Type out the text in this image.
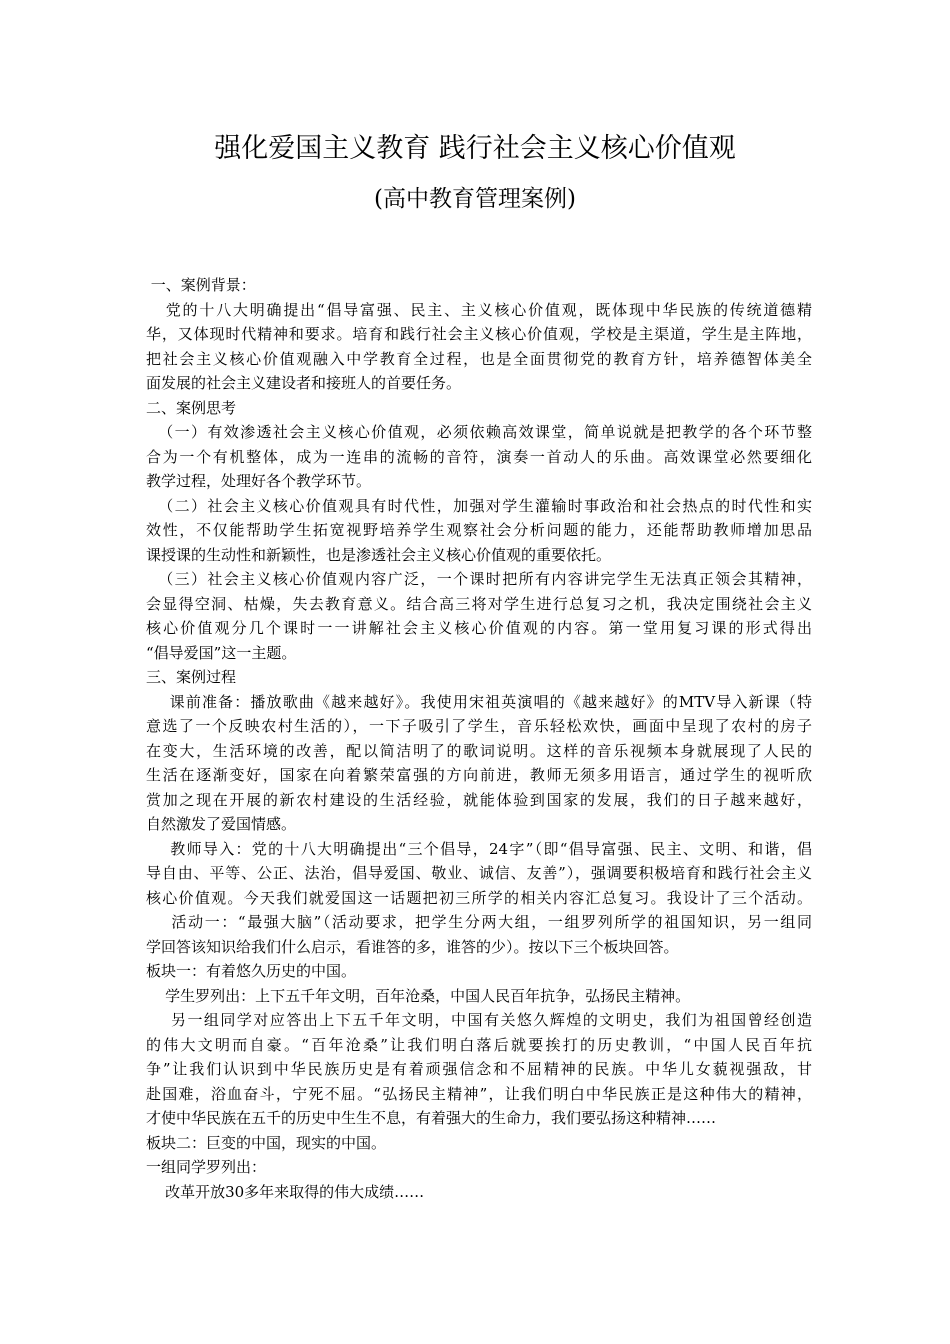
强化爱国主义教育 践行社会主义核心价值观
(高中教育管理案例)
一、案例背景：
党的十八大明确提出“倡导富强、民主、主义核心价值观，既体现中华民族的传统道德精
华，又体现时代精神和要求。培育和践行社会主义核心价值观，学校是主渠道，学生是主阵地，
把社会主义核心价值观融入中学教育全过程，也是全面贯彻党的教育方针，培养德智体美全
面发展的社会主义建设者和接班人的首要任务。
二、案例思考
（一）有效渗透社会主义核心价值观，必须依赖高效课堂，简单说就是把教学的各个环节整
合为一个有机整体，成为一连串的流畅的音符，演奏一首动人的乐曲。高效课堂必然要细化
教学过程，处理好各个教学环节。
（二）社会主义核心价值观具有时代性，加强对学生灌输时事政治和社会热点的时代性和实
效性，不仅能帮助学生拓宽视野培养学生观察社会分析问题的能力，还能帮助教师增加思品
课授课的生动性和新颖性，也是渗透社会主义核心价值观的重要依托。
（三）社会主义核心价值观内容广泛，一个课时把所有内容讲完学生无法真正领会其精神，
会显得空洞、枯燥，失去教育意义。结合高三将对学生进行总复习之机，我决定围绕社会主义
核心价值观分几个课时一一讲解社会主义核心价值观的内容。第一堂用复习课的形式得出
“倡导爱国”这一主题。
三、案例过程
课前准备：播放歌曲《越来越好》。我使用宋祖英演唱的《越来越好》的MTV导入新课（特
意选了一个反映农村生活的），一下子吸引了学生，音乐轻松欢快，画面中呈现了农村的房子
在变大，生活环境的改善，配以简洁明了的歌词说明。这样的音乐视频本身就展现了人民的
生活在逐渐变好，国家在向着繁荣富强的方向前进，教师无须多用语言，通过学生的视听欣
赏加之现在开展的新农村建设的生活经验，就能体验到国家的发展，我们的日子越来越好，
自然激发了爱国情感。
教师导入：党的十八大明确提出“三个倡导，24字”（即“倡导富强、民主、文明、和谐，倡
导自由、平等、公正、法治，倡导爱国、敬业、诚信、友善”），强调要积极培育和践行社会主义
核心价值观。今天我们就爱国这一话题把初三所学的相关内容汇总复习。我设计了三个活动。
活动一：“最强大脑”（活动要求，把学生分两大组，一组罗列所学的祖国知识，另一组同
学回答该知识给我们什么启示，看谁答的多，谁答的少）。按以下三个板块回答。
板块一：有着悠久历史的中国。
学生罗列出：上下五千年文明，百年沧桑，中国人民百年抗争，弘扬民主精神。
另一组同学对应答出上下五千年文明，中国有关悠久辉煌的文明史，我们为祖国曾经创造
的伟大文明而自豪。“百年沧桑”让我们明白落后就要挨打的历史教训，“中国人民百年抗
争”让我们认识到中华民族历史是有着顽强信念和不屈精神的民族。中华儿女藐视强敌，甘
赴国难，浴血奋斗，宁死不屈。“弘扬民主精神”，让我们明白中华民族正是这种伟大的精神，
才使中华民族在五千的历史中生生不息，有着强大的生命力，我们要弘扬这种精神……
板块二：巨变的中国，现实的中国。
一组同学罗列出：
改革开放30多年来取得的伟大成绩……
